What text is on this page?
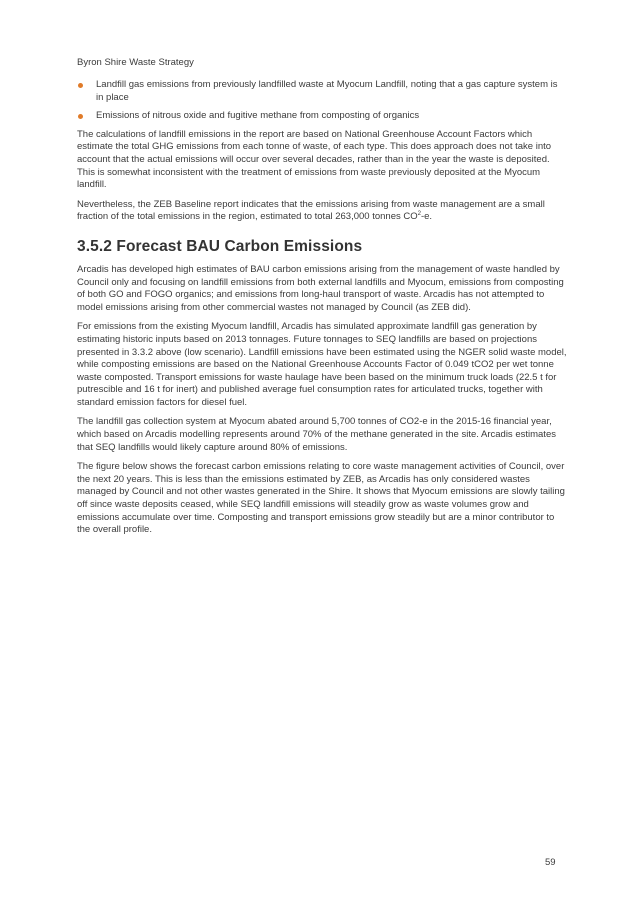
Byron Shire Waste Strategy
Landfill gas emissions from previously landfilled waste at Myocum Landfill, noting that a gas capture system is in place
Emissions of nitrous oxide and fugitive methane from composting of organics

The calculations of landfill emissions in the report are based on National Greenhouse Account Factors which estimate the total GHG emissions from each tonne of waste, of each type. This does approach does not take into account that the actual emissions will occur over several decades, rather than in the year the waste is deposited. This is somewhat inconsistent with the treatment of emissions from waste previously deposited at the Myocum landfill.

Nevertheless, the ZEB Baseline report indicates that the emissions arising from waste management are a small fraction of the total emissions in the region, estimated to total 263,000 tonnes $CO^2-e$.

3.5.2 Forecast BAU Carbon Emissions

Arcadis has developed high estimates of BAU carbon emissions arising from the management of waste handled by Council only and focusing on landfill emissions from both external landfills and Myocum, emissions from composting of both GO and FOGO organics; and emissions from long-haul transport of waste. Arcadis has not attempted to model emissions arising from other commercial wastes not managed by Council (as ZEB did).

For emissions from the existing Myocum landfill, Arcadis has simulated approximate landfill gas generation by estimating historic inputs based on 2013 tonnages. Future tonnages to SEQ landfills are based on projections presented in 3.3.2 above (low scenario). Landfill emissions have been estimated using the NGER solid waste model, while composting emissions are based on the National Greenhouse Accounts Factor of 0.049 tCO2 per wet tonne waste composted. Transport emissions for waste haulage have been based on the minimum truck loads (22.5 t for putrescible and 16 t for inert) and published average fuel consumption rates for articulated trucks, together with standard emission factors for diesel fuel.

The landfill gas collection system at Myocum abated around 5,700 tonnes of CO2-e in the 2015-16 financial year, which based on Arcadis modelling represents around 70% of the methane generated in the site. Arcadis estimates that SEQ landfills would likely capture around 80% of emissions.

The figure below shows the forecast carbon emissions relating to core waste management activities of Council, over the next 20 years. This is less than the emissions estimated by ZEB, as Arcadis has only considered wastes managed by Council and not other wastes generated in the Shire. It shows that Myocum emissions are slowly tailing off since waste deposits ceased, while SEQ landfill emissions will steadily grow as waste volumes grow and emissions accumulate over time. Composting and transport emissions grow steadily but are a minor contributor to the overall profile.

59
